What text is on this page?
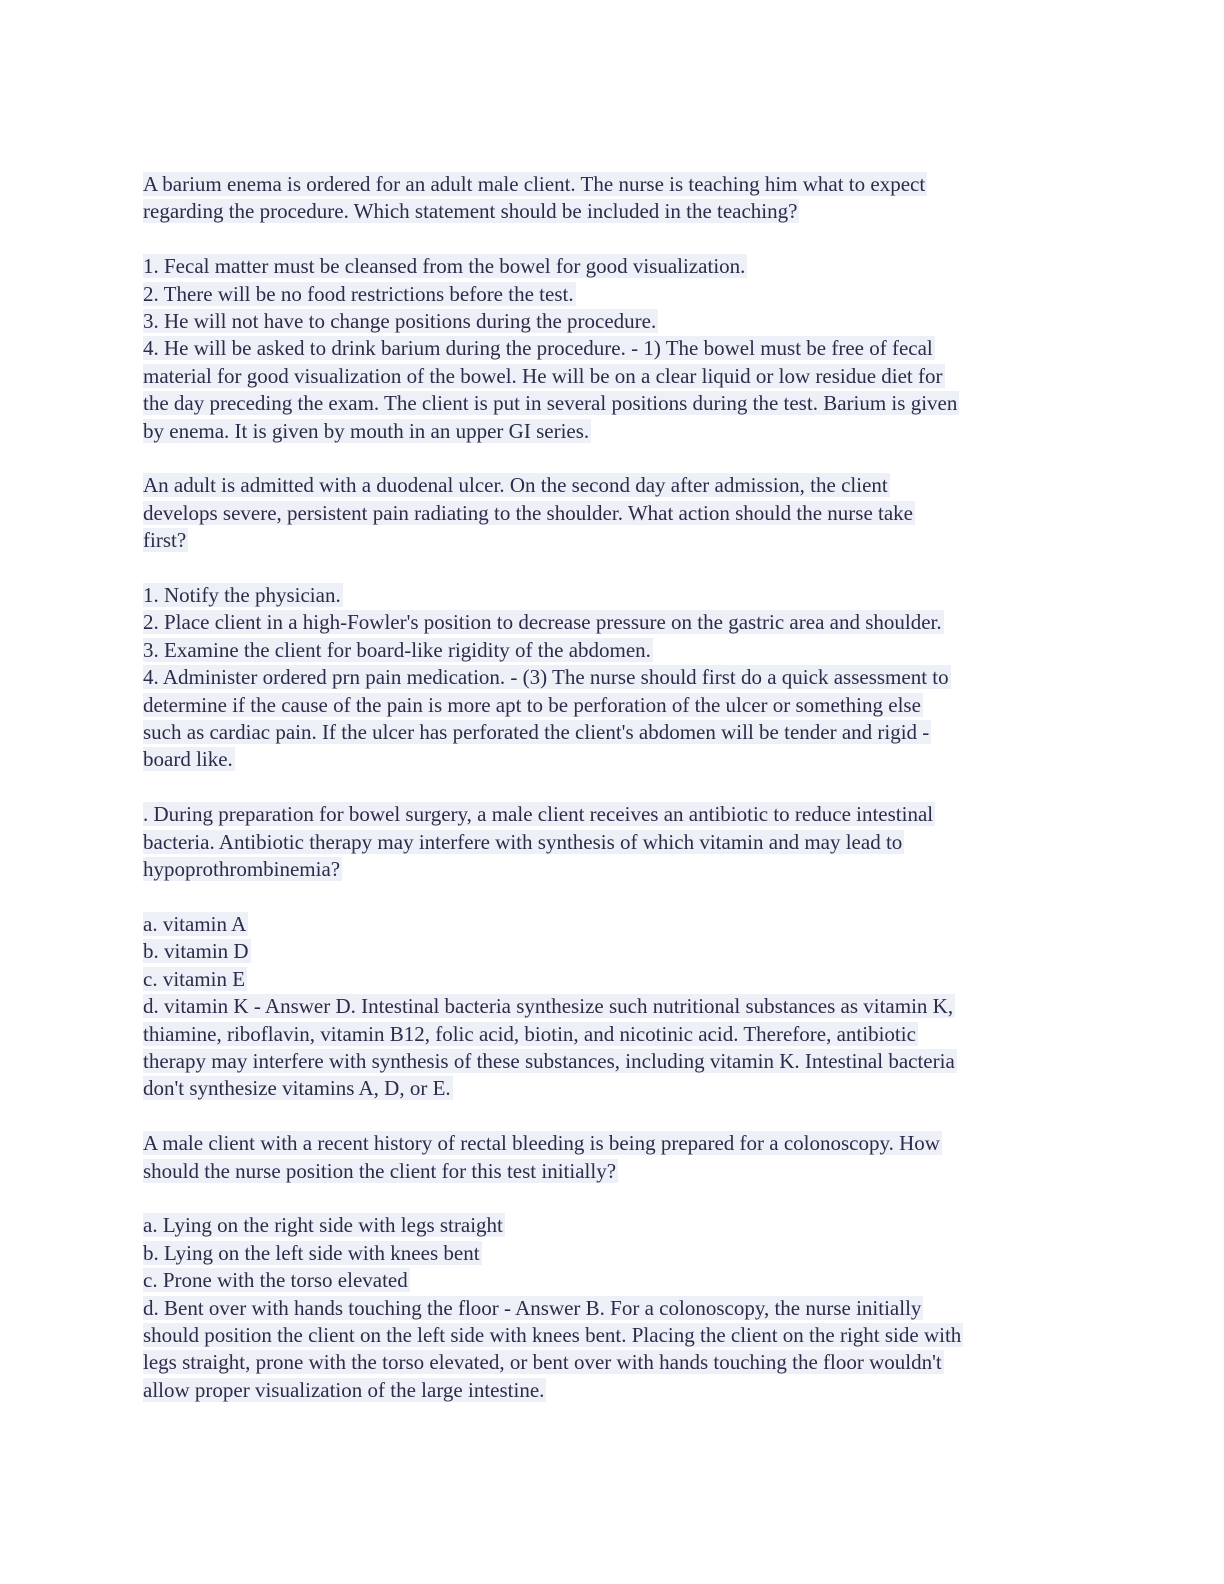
A barium enema is ordered for an adult male client. The nurse is teaching him what to expect
regarding the procedure. Which statement should be included in the teaching?
1. Fecal matter must be cleansed from the bowel for good visualization.
2. There will be no food restrictions before the test.
3. He will not have to change positions during the procedure.
4. He will be asked to drink barium during the procedure. - 1) The bowel must be free of fecal
material for good visualization of the bowel. He will be on a clear liquid or low residue diet for
the day preceding the exam. The client is put in several positions during the test. Barium is given
by enema. It is given by mouth in an upper GI series.
An adult is admitted with a duodenal ulcer. On the second day after admission, the client
develops severe, persistent pain radiating to the shoulder. What action should the nurse take
first?
1. Notify the physician.
2. Place client in a high-Fowler's position to decrease pressure on the gastric area and shoulder.
3. Examine the client for board-like rigidity of the abdomen.
4. Administer ordered prn pain medication. - (3) The nurse should first do a quick assessment to
determine if the cause of the pain is more apt to be perforation of the ulcer or something else
such as cardiac pain. If the ulcer has perforated the client's abdomen will be tender and rigid -
board like.
. During preparation for bowel surgery, a male client receives an antibiotic to reduce intestinal
bacteria. Antibiotic therapy may interfere with synthesis of which vitamin and may lead to
hypoprothrombinemia?
a. vitamin A
b. vitamin D
c. vitamin E
d. vitamin K - Answer D. Intestinal bacteria synthesize such nutritional substances as vitamin K,
thiamine, riboflavin, vitamin B12, folic acid, biotin, and nicotinic acid. Therefore, antibiotic
therapy may interfere with synthesis of these substances, including vitamin K. Intestinal bacteria
don't synthesize vitamins A, D, or E.
A male client with a recent history of rectal bleeding is being prepared for a colonoscopy. How
should the nurse position the client for this test initially?
a. Lying on the right side with legs straight
b. Lying on the left side with knees bent
c. Prone with the torso elevated
d. Bent over with hands touching the floor - Answer B. For a colonoscopy, the nurse initially
should position the client on the left side with knees bent. Placing the client on the right side with
legs straight, prone with the torso elevated, or bent over with hands touching the floor wouldn't
allow proper visualization of the large intestine.
